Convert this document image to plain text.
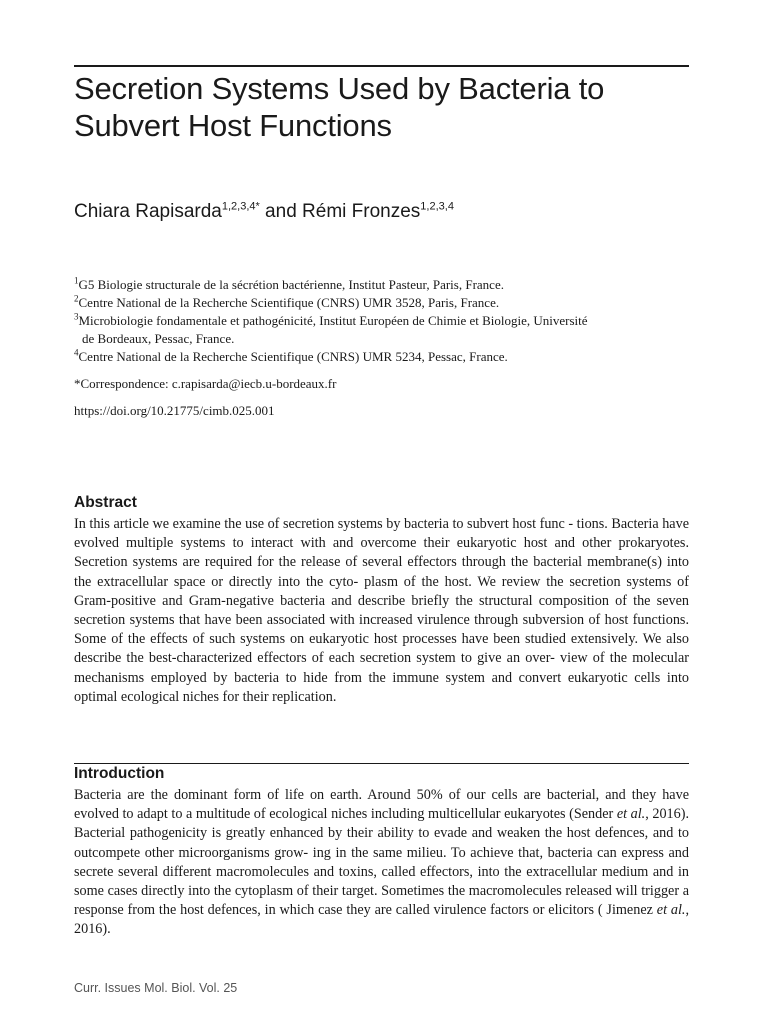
Secretion Systems Used by Bacteria to Subvert Host Functions
Chiara Rapisarda$^{1,2,3,4*}$ and Rémi Fronzes$^{1,2,3,4}$

$^1$G5 Biologie structurale de la sécrétion bactérienne, Institut Pasteur, Paris, France.

$^2$Centre National de la Recherche Scientifique (CNRS) UMR 3528, Paris, France.

$^3$Microbiologie fondamentale et pathogénicité, Institut Européen de Chimie et Biologie, Université
de Bordeaux, Pessac, France.

$^4$Centre National de la Recherche Scientifique (CNRS) UMR 5234, Pessac, France.

*Correspondence: c.rapisarda@iecb.u-bordeaux.fr
https://doi.org/10.21775/cimb.025.001
Abstract

In this article we examine the use of secretion systems by bacteria to subvert host func - tions. Bacteria have evolved multiple systems to interact with and overcome their eukaryotic host and other prokaryotes. Secretion systems are required for the release of several effectors through the bacterial membrane(s) into the extracellular space or directly into the cyto- plasm of the host. We review the secretion systems of Gram-positive and Gram-negative bacteria and describe briefly the structural composition of the seven secretion systems that have been associated with increased virulence through subversion of host functions. Some of the effects of such systems on eukaryotic host processes have been studied extensively. We also describe the best-characterized effectors of each secretion system to give an over- view of the molecular mechanisms employed by bacteria to hide from the immune system and convert eukaryotic cells into optimal ecological niches for their replication.

Introduction

Bacteria are the dominant form of life on earth. Around 50% of our cells are bacterial, and they have evolved to adapt to a multitude of ecological niches including multicellular eukaryotes (Sender et al., 2016). Bacterial pathogenicity is greatly enhanced by their ability to evade and weaken the host defences, and to outcompete other microorganisms grow- ing in the same milieu. To achieve that, bacteria can express and secrete several different macromolecules and toxins, called effectors, into the extracellular medium and in some cases directly into the cytoplasm of their target. Sometimes the macromolecules released will trigger a response from the host defences, in which case they are called virulence factors or elicitors ( Jimenez et al., 2016).

Curr. Issues Mol. Biol. Vol. 25
